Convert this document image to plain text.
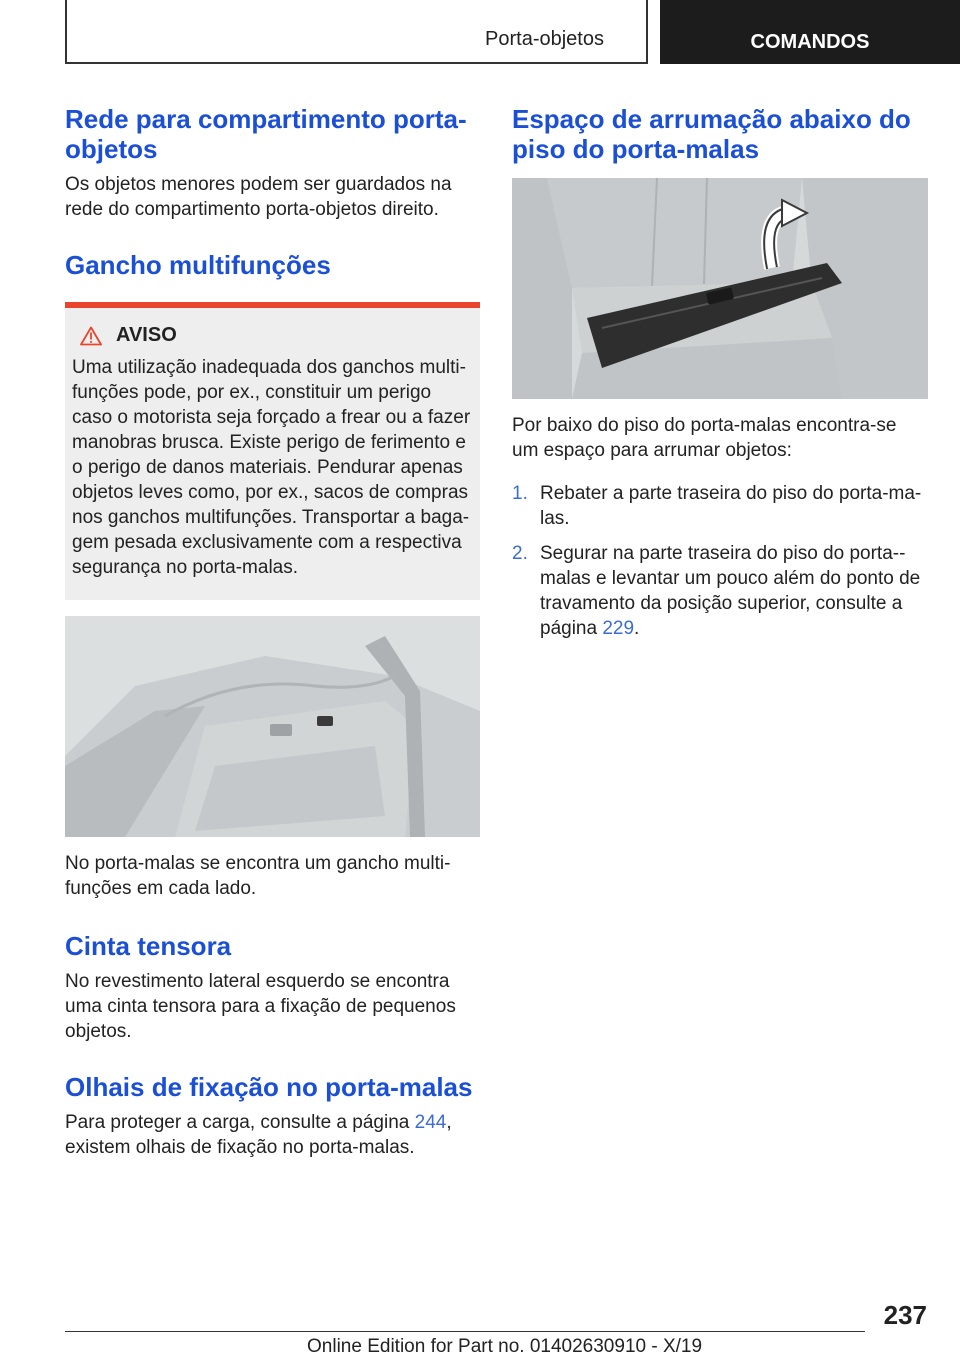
Porta-objetos	COMANDOS
Rede para compartimento porta-objetos

Os objetos menores podem ser guardados na rede do compartimento porta-objetos direito.

Gancho multifunções
AVISO

Uma utilização inadequada dos ganchos multi-funções pode, por ex., constituir um perigo caso o motorista seja forçado a frear ou a fazer manobras brusca. Existe perigo de ferimento e o perigo de danos materiais. Pendurar apenas objetos leves como, por ex., sacos de compras nos ganchos multifunções. Transportar a baga-gem pesada exclusivamente com a respectiva segurança no porta-malas.

No porta-malas se encontra um gancho multi-funções em cada lado.

Cinta tensora

No revestimento lateral esquerdo se encontra uma cinta tensora para a fixação de pequenos objetos.

Olhais de fixação no porta-malas

Para proteger a carga, consulte a página 244, existem olhais de fixação no porta-malas.

Espaço de arrumação abaixo do piso do porta-malas

Por baixo do piso do porta-malas encontra-se um espaço para arrumar objetos:

1. Rebater a parte traseira do piso do porta-ma-las.
2. Segurar na parte traseira do piso do porta--malas e levantar um pouco além do ponto de travamento da posição superior, consulte a página 229.
237
Online Edition for Part no. 01402630910 - X/19
